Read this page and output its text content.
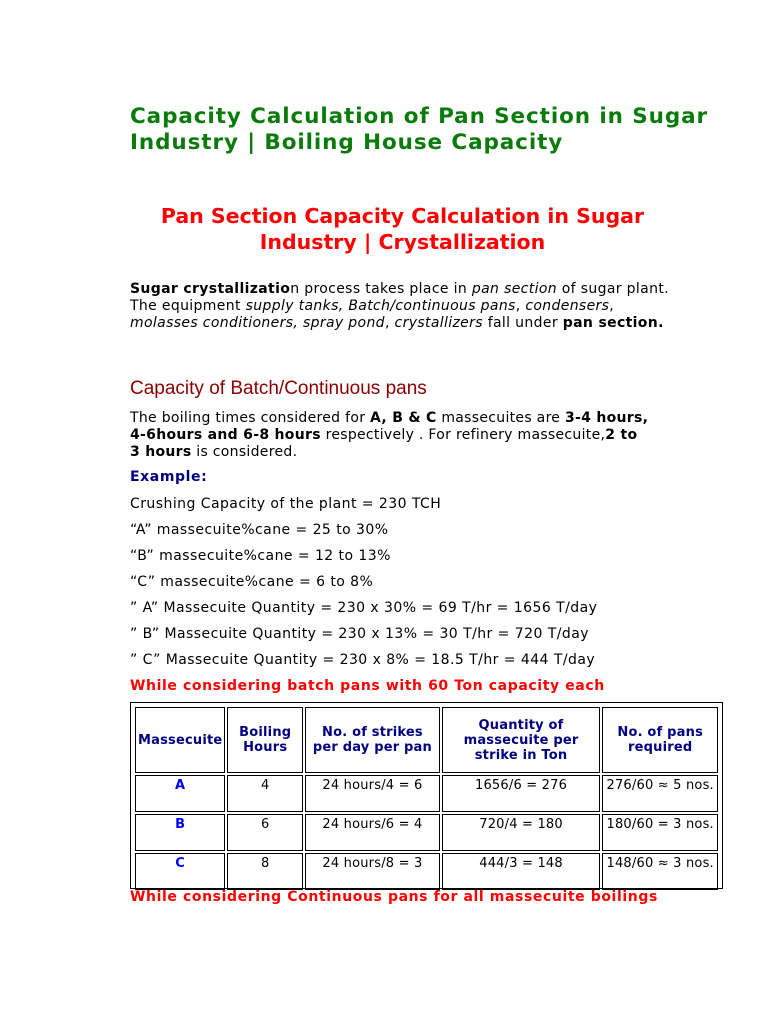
Capacity Calculation of Pan Section in Sugar Industry | Boiling House Capacity
Pan Section Capacity Calculation in Sugar Industry | Crystallization

Sugar crystallization process takes place in pan section of sugar plant. The equipment supply tanks, Batch/continuous pans, condensers, molasses conditioners, spray pond, crystallizers fall under pan section.

Capacity of Batch/Continuous pans

The boiling times considered for A, B & C massecuites are 3-4 hours, 4-6hours and 6-8 hours respectively . For refinery massecuite,2 to 3 hours is considered.

Example:

Crushing Capacity of the plant = 230 TCH

“A” massecuite%cane = 25 to 30%

“B” massecuite%cane = 12 to 13%

“C” massecuite%cane = 6 to 8%

” A” Massecuite Quantity = 230 x 30% = 69 T/hr = 1656 T/day

” B” Massecuite Quantity = 230 x 13% = 30 T/hr = 720 T/day

” C” Massecuite Quantity = 230 x 8% = 18.5 T/hr = 444 T/day

While considering batch pans with 60 Ton capacity each

Massecuite	Boiling Hours	No. of strikes per day per pan	Quantity of massecuite per strike in Ton	No. of pans required
A	4	24 hours/4 = 6	1656/6 = 276	276/60 ≈ 5 nos.
B	6	24 hours/6 = 4	720/4 = 180	180/60 = 3 nos.
C	8	24 hours/8 = 3	444/3 = 148	148/60 ≈ 3 nos.

While considering Continuous pans for all massecuite boilings
